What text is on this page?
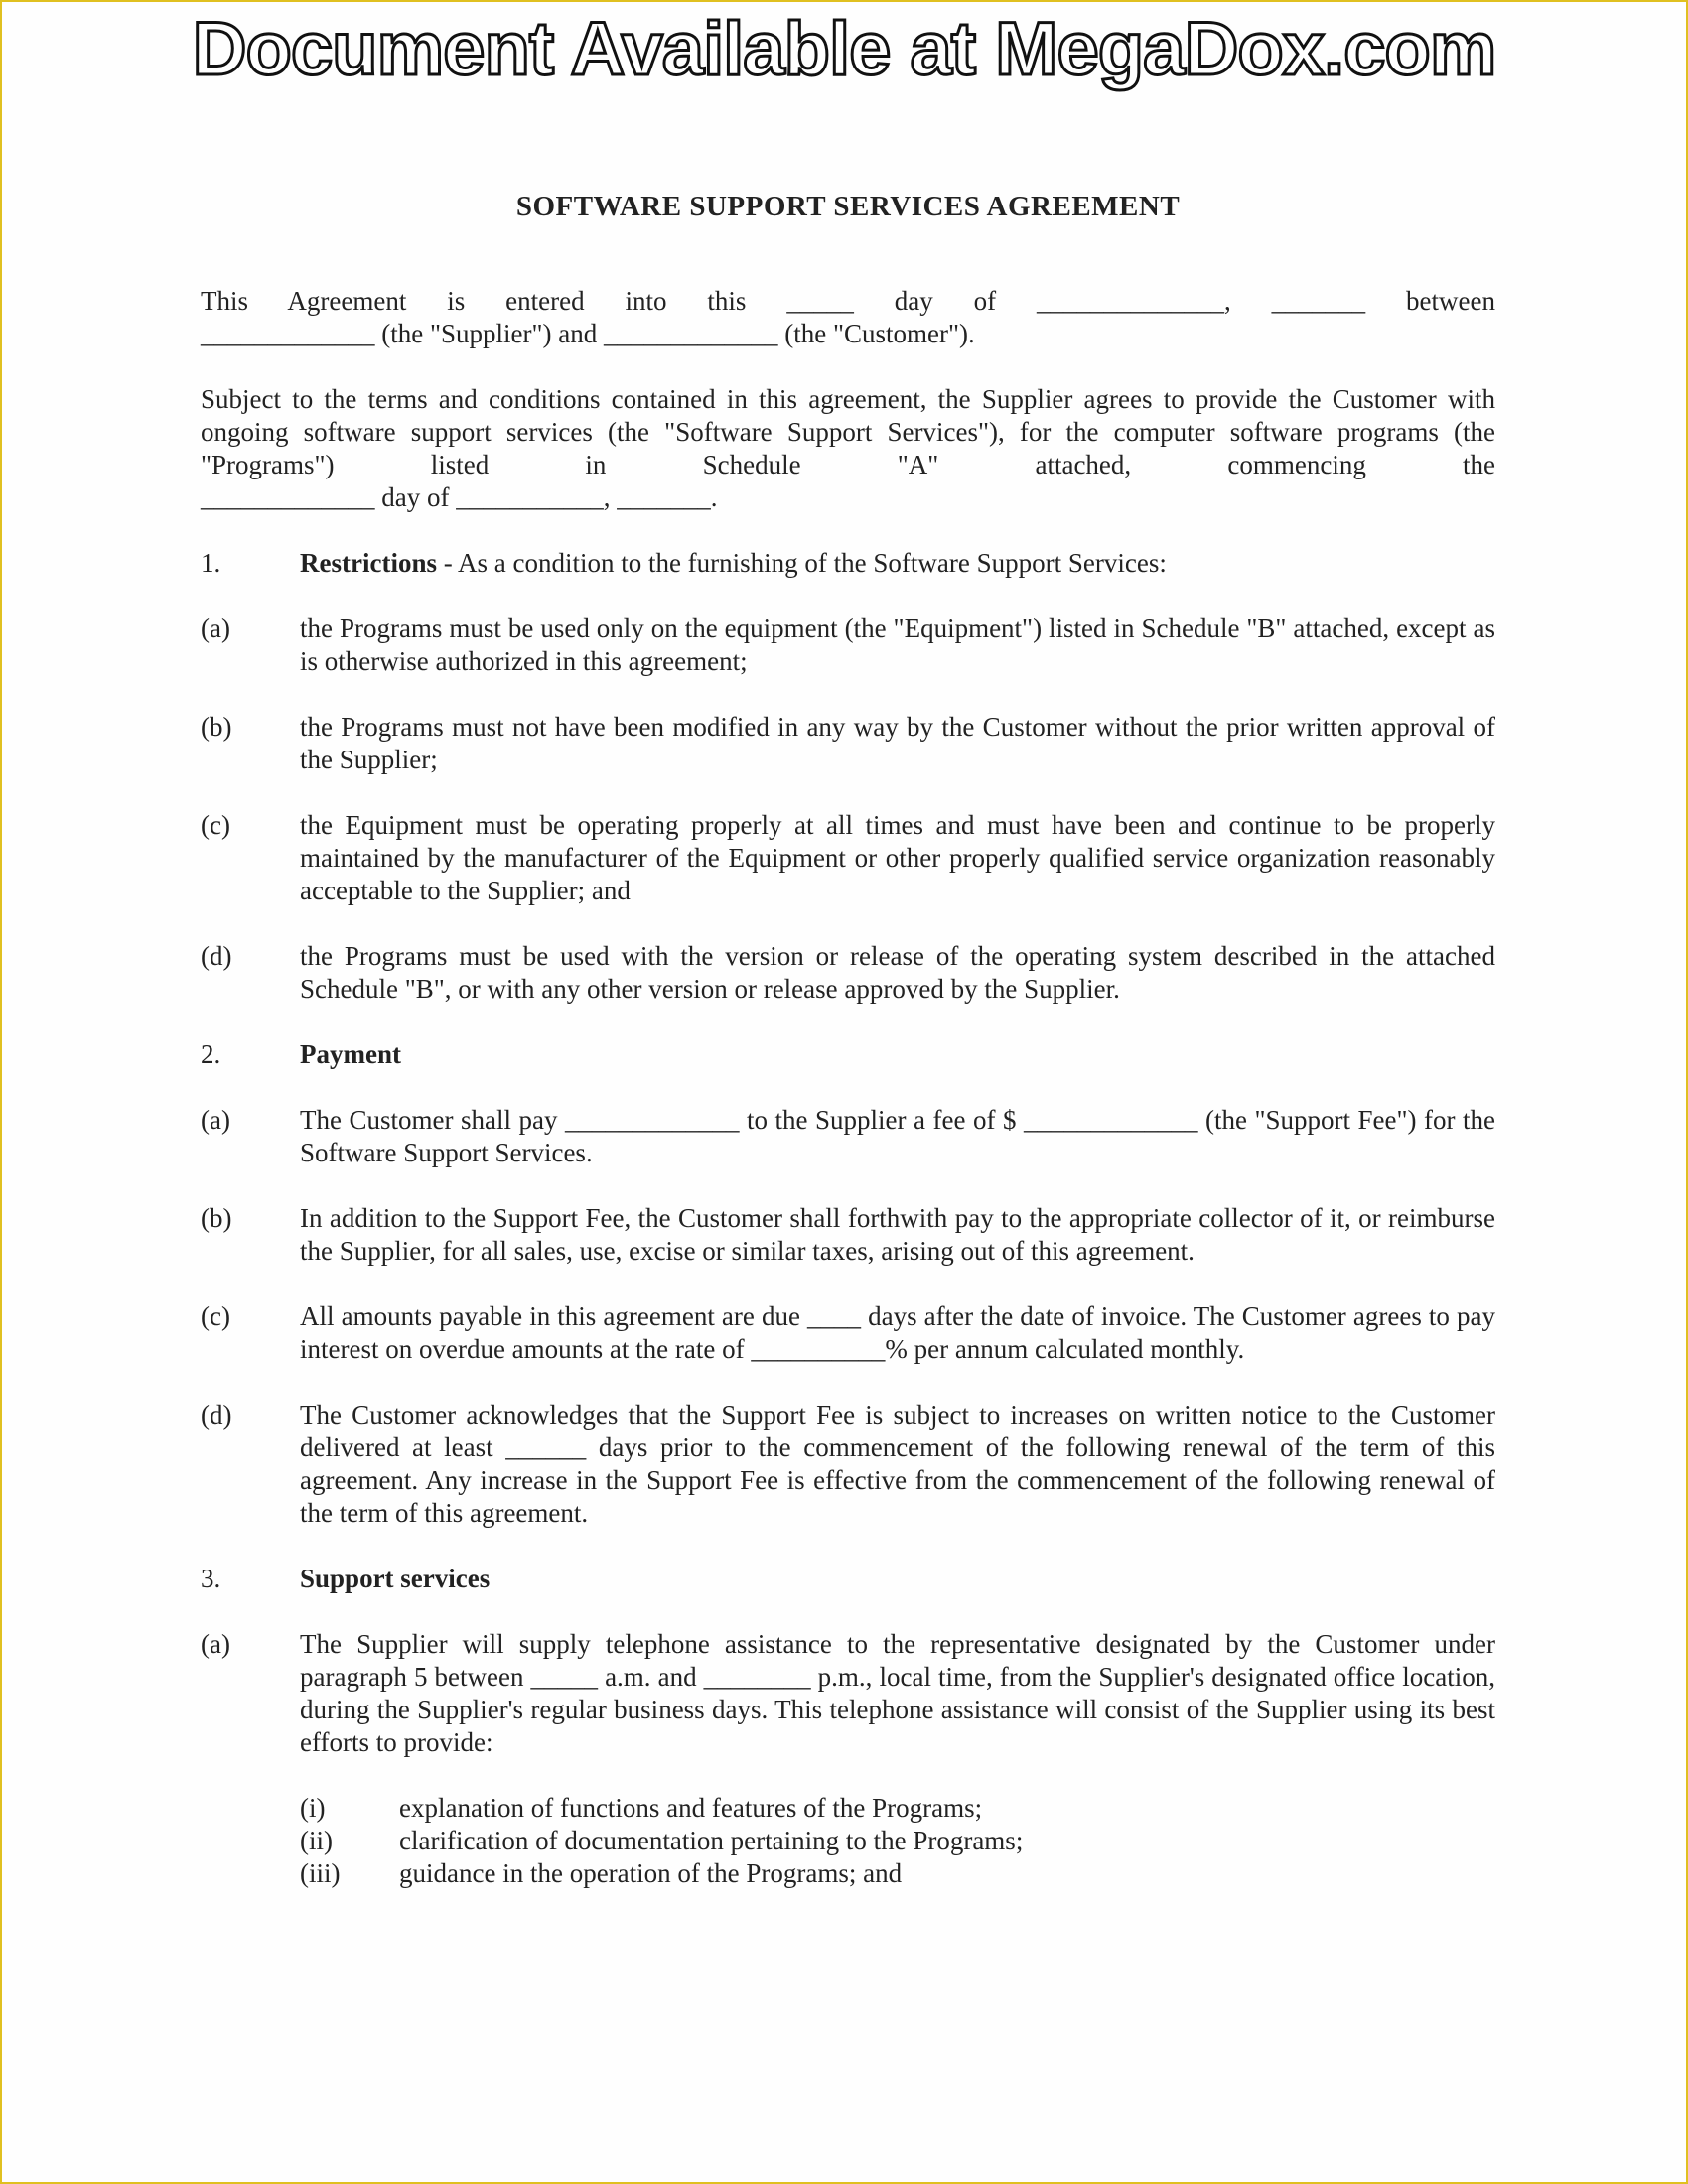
Document Available at MegaDox.com
SOFTWARE SUPPORT SERVICES AGREEMENT

This Agreement is entered into this _____ day of ______________, _______ between
_____________ (the "Supplier") and _____________ (the "Customer").

Subject to the terms and conditions contained in this agreement, the Supplier agrees to provide the Customer with ongoing software support services (the "Software Support Services"), for the computer software programs (the "Programs") listed in Schedule "A" attached, commencing the
_____________ day of ___________, _______.

1.	Restrictions - As a condition to the furnishing of the Software Support Services:
(a)	the Programs must be used only on the equipment (the "Equipment") listed in Schedule "B" attached, except as is otherwise authorized in this agreement;
(b)	the Programs must not have been modified in any way by the Customer without the prior written approval of the Supplier;
(c)	the Equipment must be operating properly at all times and must have been and continue to be properly maintained by the manufacturer of the Equipment or other properly qualified service organization reasonably acceptable to the Supplier; and
(d)	the Programs must be used with the version or release of the operating system described in the attached Schedule "B", or with any other version or release approved by the Supplier.
2.	Payment
(a)	The Customer shall pay _____________ to the Supplier a fee of $ _____________ (the "Support Fee") for the Software Support Services.
(b)	In addition to the Support Fee, the Customer shall forthwith pay to the appropriate collector of it, or reimburse the Supplier, for all sales, use, excise or similar taxes, arising out of this agreement.
(c)	All amounts payable in this agreement are due ____ days after the date of invoice. The Customer agrees to pay interest on overdue amounts at the rate of __________% per annum calculated monthly.
(d)	The Customer acknowledges that the Support Fee is subject to increases on written notice to the Customer delivered at least ______ days prior to the commencement of the following renewal of the term of this agreement. Any increase in the Support Fee is effective from the commencement of the following renewal of the term of this agreement.
3.	Support services
(a)	The Supplier will supply telephone assistance to the representative designated by the Customer under paragraph 5 between _____ a.m. and ________ p.m., local time, from the Supplier's designated office location, during the Supplier's regular business days. This telephone assistance will consist of the Supplier using its best efforts to provide:
(i)	explanation of functions and features of the Programs;
(ii)	clarification of documentation pertaining to the Programs;
(iii)	guidance in the operation of the Programs; and
